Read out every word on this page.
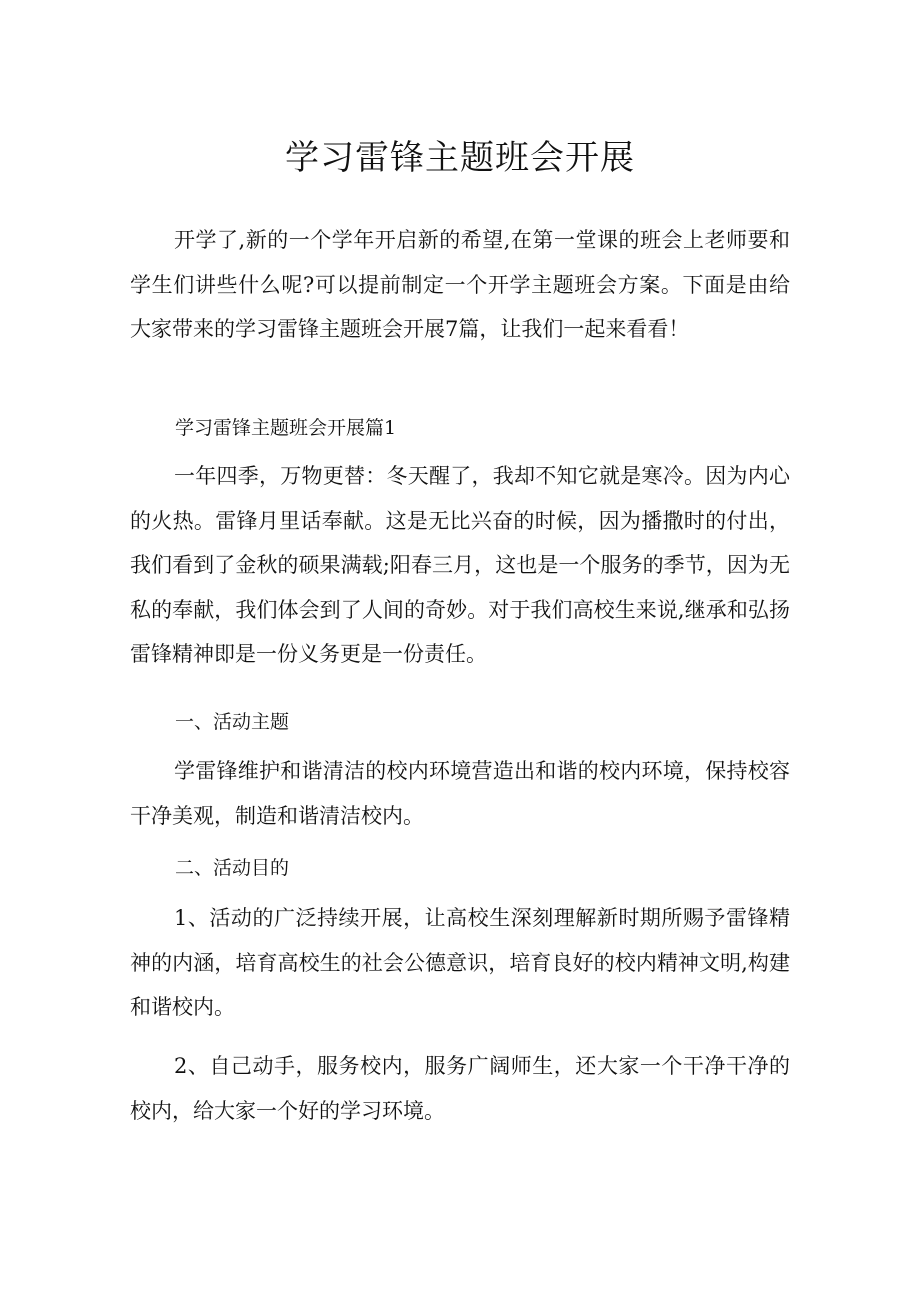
学习雷锋主题班会开展

开学了,新的一个学年开启新的希望,在第一堂课的班会上老师要和学生们讲些什么呢?可以提前制定一个开学主题班会方案。下面是由给大家带来的学习雷锋主题班会开展7篇，让我们一起来看看！

学习雷锋主题班会开展篇1

一年四季，万物更替：冬天醒了，我却不知它就是寒冷。因为内心的火热。雷锋月里话奉献。这是无比兴奋的时候，因为播撒时的付出，我们看到了金秋的硕果满载;阳春三月，这也是一个服务的季节，因为无私的奉献，我们体会到了人间的奇妙。对于我们高校生来说,继承和弘扬雷锋精神即是一份义务更是一份责任。

一、活动主题

学雷锋维护和谐清洁的校内环境营造出和谐的校内环境，保持校容干净美观，制造和谐清洁校内。

二、活动目的

1、活动的广泛持续开展，让高校生深刻理解新时期所赐予雷锋精神的内涵，培育高校生的社会公德意识，培育良好的校内精神文明,构建和谐校内。

2、自己动手，服务校内，服务广阔师生，还大家一个干净干净的校内，给大家一个好的学习环境。
